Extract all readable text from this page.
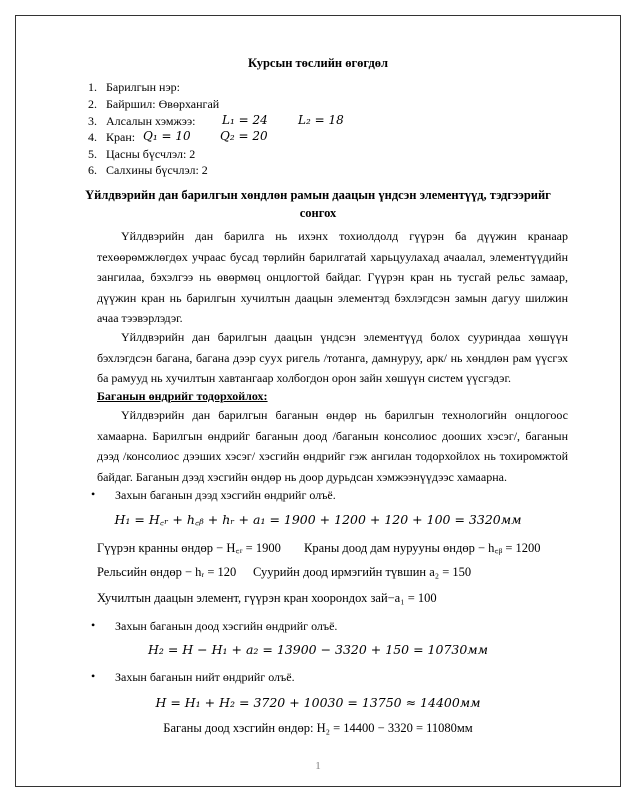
Курсын төслийн өгөгдөл
1. Барилгын нэр:
2. Байршил: Өвөрхангай
3. Алсалын хэмжээ: L₁ = 24	L₂ = 18
4. Кран: Q₁ = 10 Q₂ = 20
5. Цасны бүсчлэл: 2
6. Салхины бүсчлэл: 2
Үйлдвэрийн дан барилгын хөндлөн рамын даацын үндсэн элементүүд, тэдгээрийг
сонгох
Үйлдвэрийн дан барилга нь ихэнх тохиолдолд гүүрэн ба дүүжин кранаар техөөрөмжлөгдөх учраас бусад төрлийн барилгатай харьцуулахад ачаалал, элементүүдийн зангилаа, бэхэлгээ нь өвөрмөц онцлогтой байдаг. Гүүрэн кран нь тусгай рельс замаар, дүүжин кран нь барилгын хучилтын даацын элементэд бэхлэгдсэн замын дагуу шилжин ачаа тээвэрлэдэг.
Үйлдвэрийн дан барилгын даацын үндсэн элементүүд болох сууриндаа хөшүүн бэхлэгдсэн багана, багана дээр суух ригель /тотанга, дамнуруу, арк/ нь хөндлөн рам үүсгэх ба рамууд нь хучилтын хавтангаар холбогдон орон зайн хөшүүн систем үүсгэдэг.
Баганын өндрийг тодорхойлох:
Үйлдвэрийн дан барилгын баганын өндөр нь барилгын технологийн онцлогоос хамаарна. Барилгын өндрийг баганын доод /баганын консолиос дооших хэсэг/, баганын дээд /консолиос дээших хэсэг/ хэсгийн өндрийг гэж ангилан тодорхойлох нь тохиромжтой байдаг. Баганын дээд хэсгийн өндөр нь доор дурьдсан хэмжээнүүдээс хамаарна.
• Захын баганын дээд хэсгийн өндрийг олъё.
H₁ = H꜀ᵣ + h꜀ᵦ + hᵣ + a₁ = 1900 + 1200 + 120 + 100 = 3320мм
Гүүрэн кранны өндөр − H꜀ᵣ = 1900 Краны доод дам нурууны өндөр − h꜀ᵦ = 1200
Рельсийн өндөр − hᵣ = 120 Суурийн доод ирмэгийн түвшин a₂ = 150
Хучилтын даацын элемент, гүүрэн кран хоорондох зай−a₁ = 100
• Захын баганын доод хэсгийн өндрийг олъё.
H₂ = H − H₁ + a₂ = 13900 − 3320 + 150 = 10730мм
• Захын баганын нийт өндрийг олъё.
H = H₁ + H₂ = 3720 + 10030 = 13750 ≈ 14400мм
Баганы доод хэсгийн өндөр: H₂ = 14400 − 3320 = 11080мм
1
